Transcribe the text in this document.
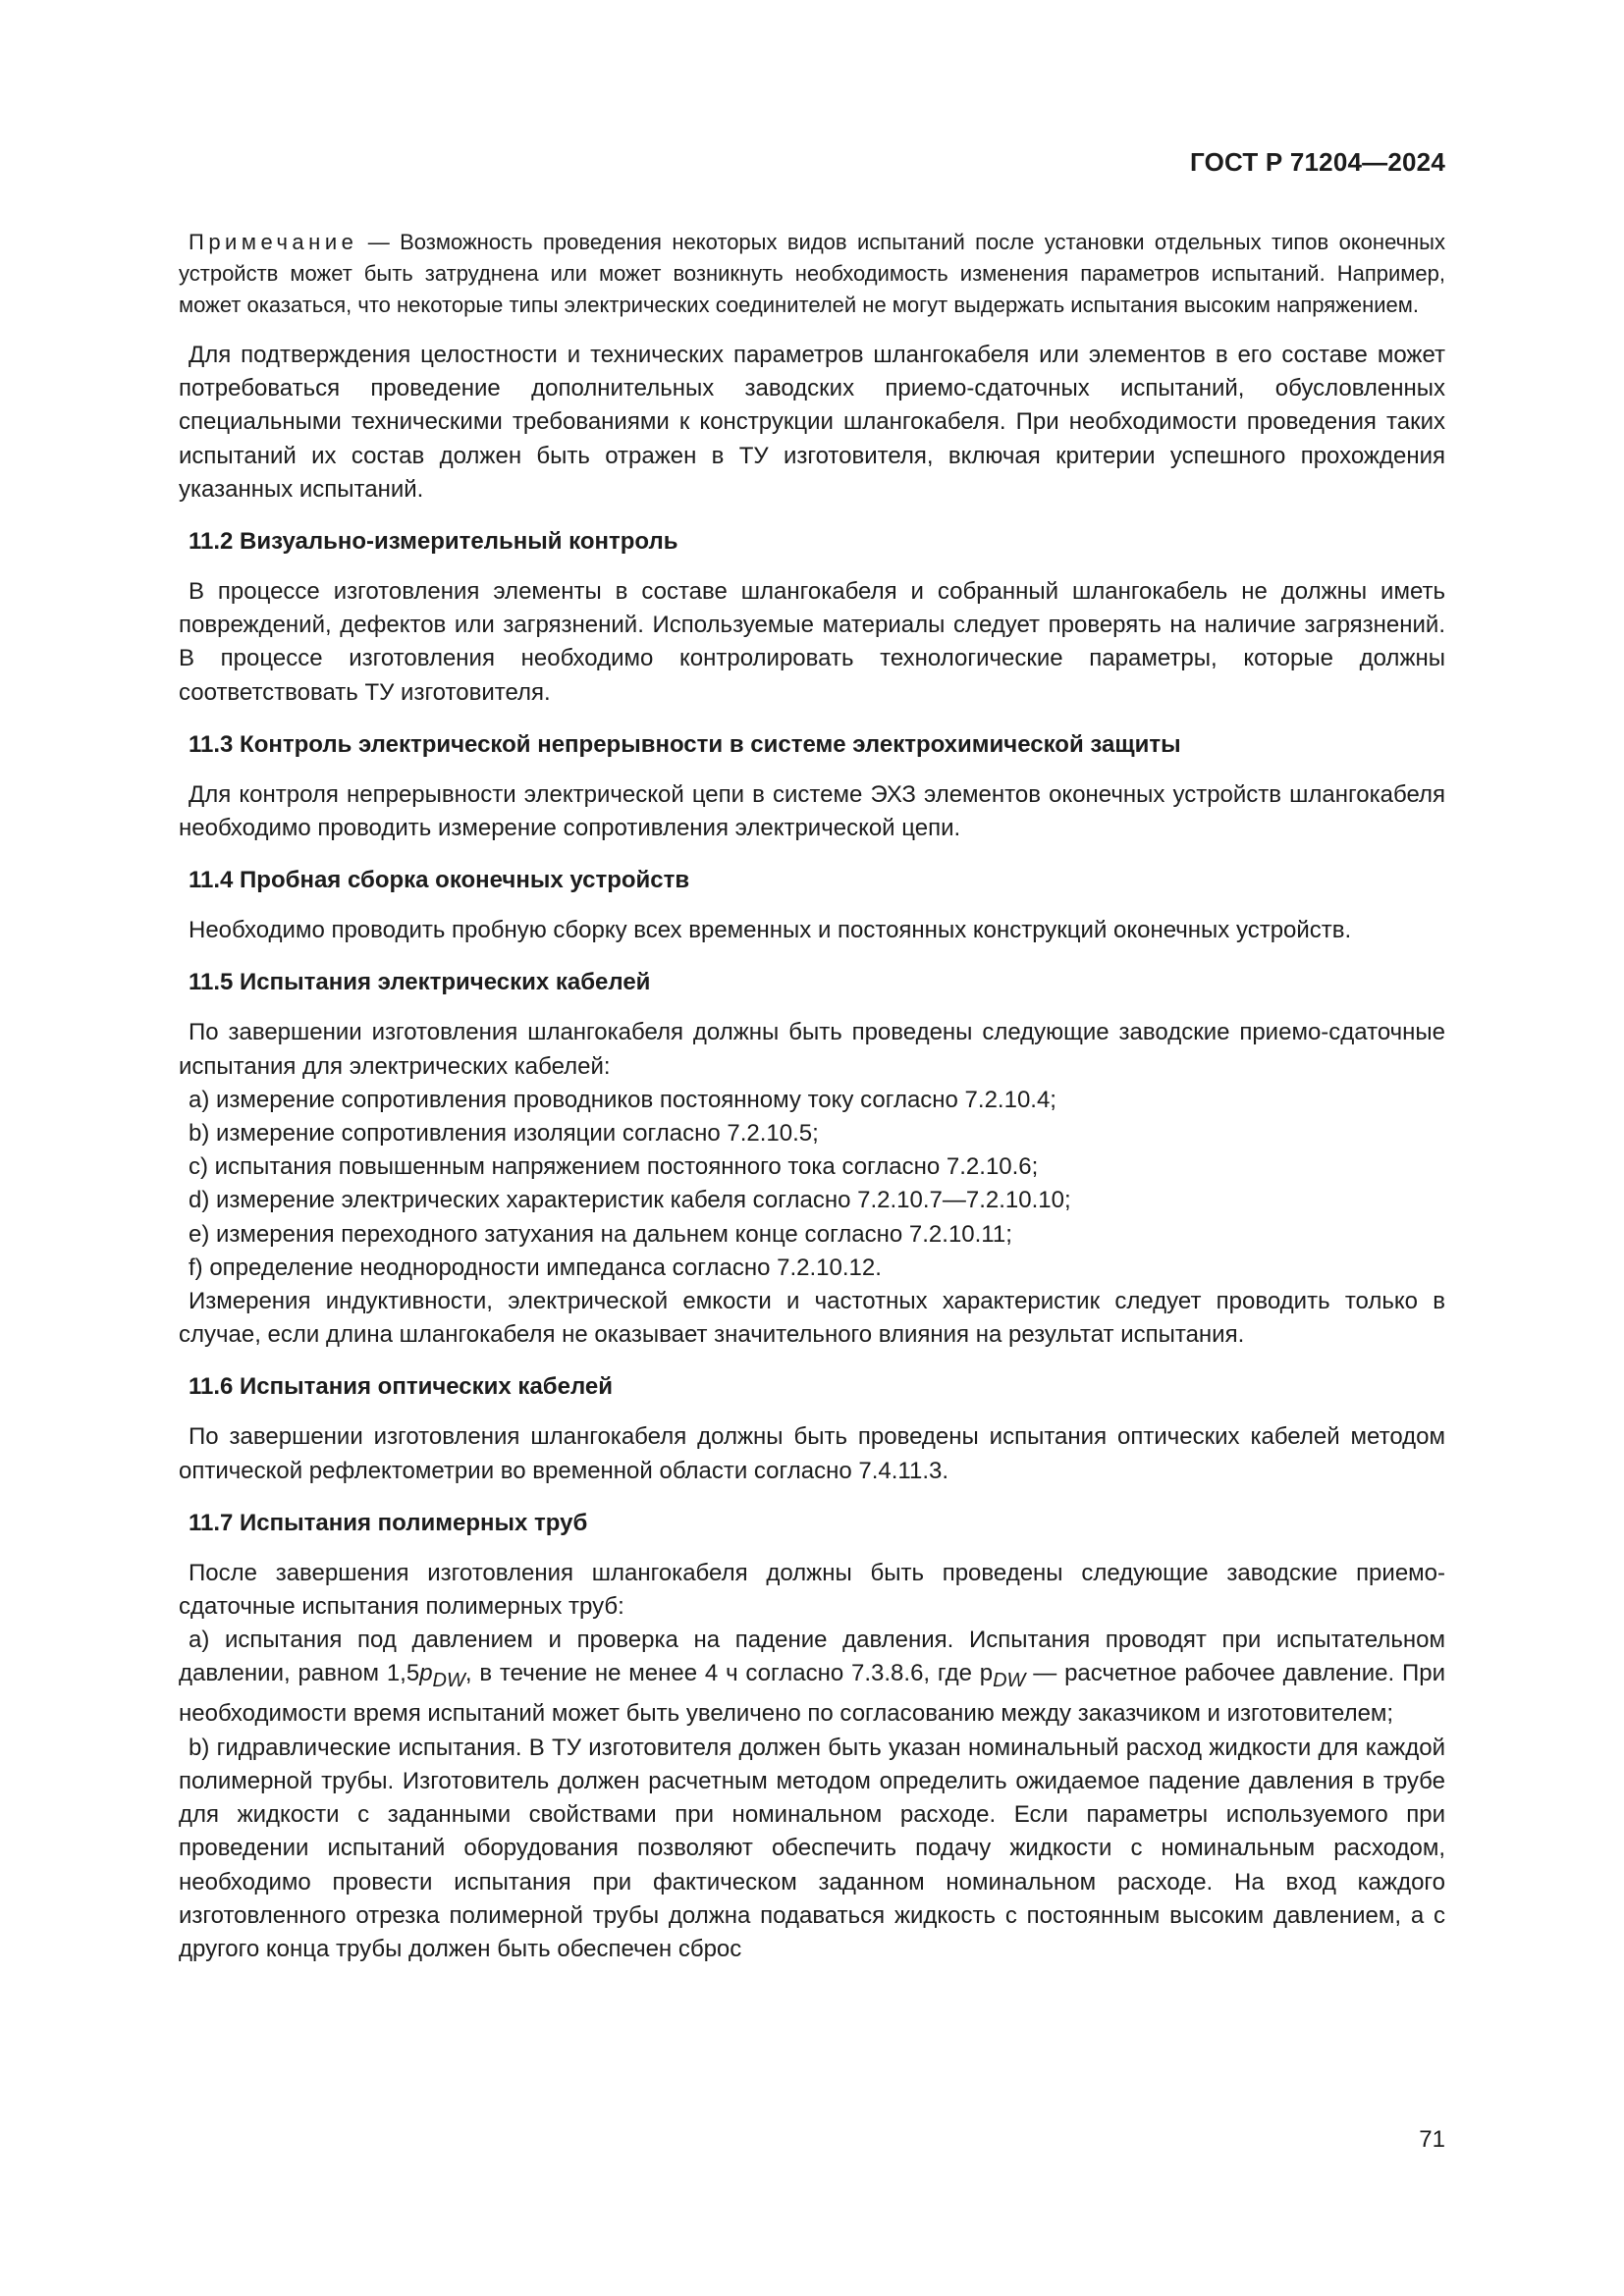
ГОСТ Р 71204—2024

Примечание — Возможность проведения некоторых видов испытаний после установки отдельных типов оконечных устройств может быть затруднена или может возникнуть необходимость изменения параметров испытаний. Например, может оказаться, что некоторые типы электрических соединителей не могут выдержать испытания высоким напряжением.

Для подтверждения целостности и технических параметров шлангокабеля или элементов в его составе может потребоваться проведение дополнительных заводских приемо-сдаточных испытаний, обусловленных специальными техническими требованиями к конструкции шлангокабеля. При необходимости проведения таких испытаний их состав должен быть отражен в ТУ изготовителя, включая критерии успешного прохождения указанных испытаний.

11.2 Визуально-измерительный контроль

В процессе изготовления элементы в составе шлангокабеля и собранный шлангокабель не должны иметь повреждений, дефектов или загрязнений. Используемые материалы следует проверять на наличие загрязнений. В процессе изготовления необходимо контролировать технологические параметры, которые должны соответствовать ТУ изготовителя.

11.3 Контроль электрической непрерывности в системе электрохимической защиты

Для контроля непрерывности электрической цепи в системе ЭХЗ элементов оконечных устройств шлангокабеля необходимо проводить измерение сопротивления электрической цепи.

11.4 Пробная сборка оконечных устройств

Необходимо проводить пробную сборку всех временных и постоянных конструкций оконечных устройств.

11.5 Испытания электрических кабелей

По завершении изготовления шлангокабеля должны быть проведены следующие заводские приемо-сдаточные испытания для электрических кабелей:

a) измерение сопротивления проводников постоянному току согласно 7.2.10.4;

b) измерение сопротивления изоляции согласно 7.2.10.5;

c) испытания повышенным напряжением постоянного тока согласно 7.2.10.6;

d) измерение электрических характеристик кабеля согласно 7.2.10.7—7.2.10.10;

e) измерения переходного затухания на дальнем конце согласно 7.2.10.11;

f) определение неоднородности импеданса согласно 7.2.10.12.

Измерения индуктивности, электрической емкости и частотных характеристик следует проводить только в случае, если длина шлангокабеля не оказывает значительного влияния на результат испытания.

11.6 Испытания оптических кабелей

По завершении изготовления шлангокабеля должны быть проведены испытания оптических кабелей методом оптической рефлектометрии во временной области согласно 7.4.11.3.

11.7 Испытания полимерных труб

После завершения изготовления шлангокабеля должны быть проведены следующие заводские приемо-сдаточные испытания полимерных труб:

a) испытания под давлением и проверка на падение давления. Испытания проводят при испытательном давлении, равном $1,5p_{DW}$, в течение не менее 4 ч согласно 7.3.8.6, где $p_{DW}$ — расчетное рабочее давление. При необходимости время испытаний может быть увеличено по согласованию между заказчиком и изготовителем;

b) гидравлические испытания. В ТУ изготовителя должен быть указан номинальный расход жидкости для каждой полимерной трубы. Изготовитель должен расчетным методом определить ожидаемое падение давления в трубе для жидкости с заданными свойствами при номинальном расходе. Если параметры используемого при проведении испытаний оборудования позволяют обеспечить подачу жидкости с номинальным расходом, необходимо провести испытания при фактическом заданном номинальном расходе. На вход каждого изготовленного отрезка полимерной трубы должна подаваться жидкость с постоянным высоким давлением, а с другого конца трубы должен быть обеспечен сброс

71
